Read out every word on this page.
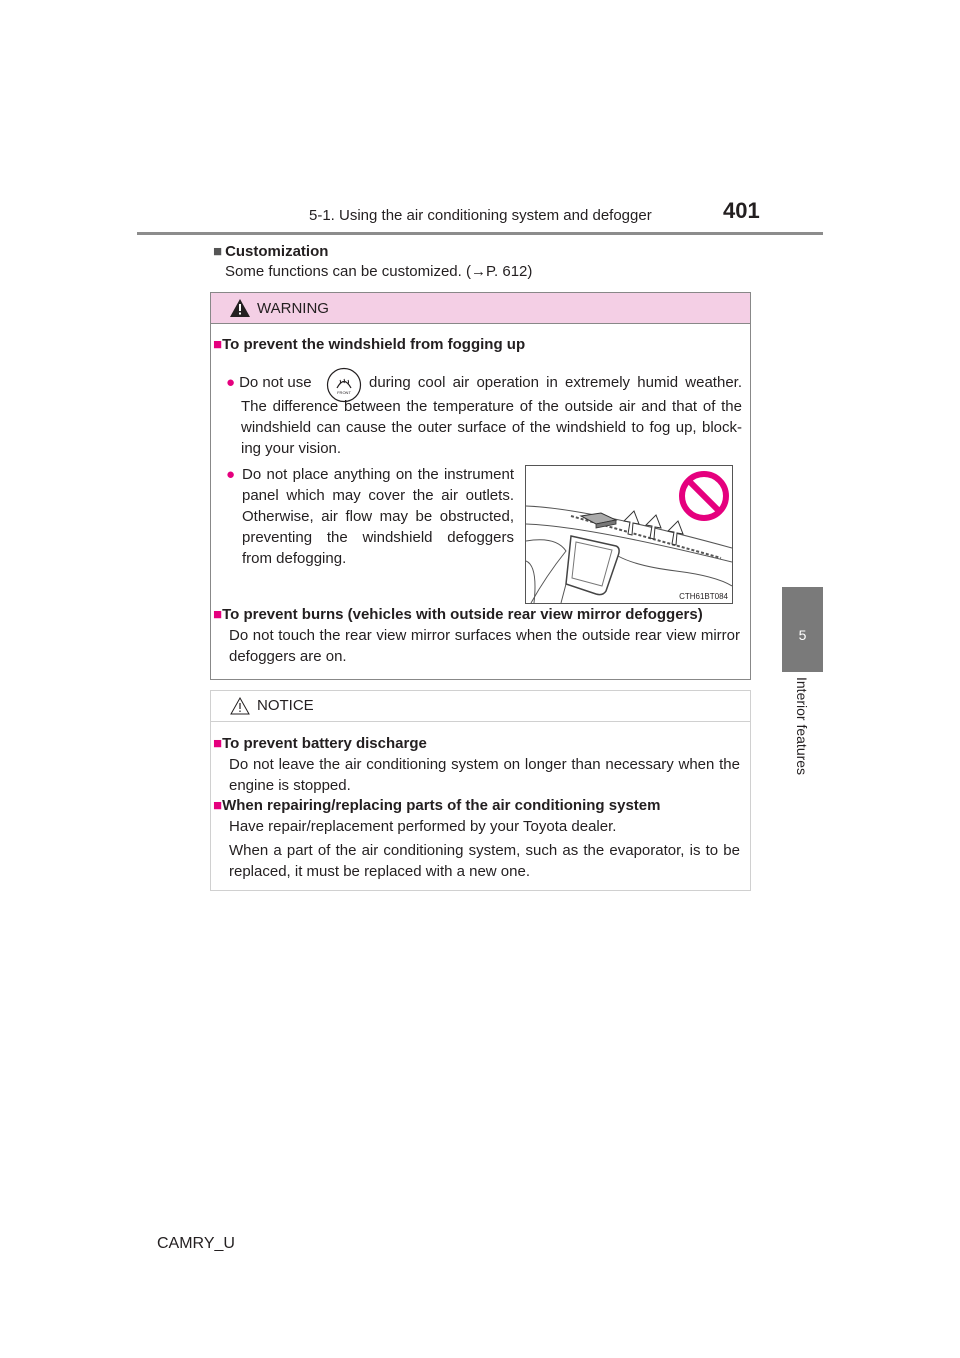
5-1. Using the air conditioning system and defogger	401
5
Interior features
■ Customization
Some functions can be customized. (→P. 612)
WARNING
■To prevent the windshield from fogging up
● Do not use
FRONT
during cool air operation in extremely humid weather.
The difference between the temperature of the outside air and that of the
windshield can cause the outer surface of the windshield to fog up, block-
ing your vision.
● Do not place anything on the instrument
panel which may cover the air outlets.
Otherwise, air flow may be obstructed,
preventing the windshield defoggers
from defogging.
CTH61BT084
■To prevent burns (vehicles with outside rear view mirror defoggers)
Do not touch the rear view mirror surfaces when the outside rear view mirror
defoggers are on.
NOTICE
■To prevent battery discharge
Do not leave the air conditioning system on longer than necessary when the
engine is stopped.
■When repairing/replacing parts of the air conditioning system
Have repair/replacement performed by your Toyota dealer.
When a part of the air conditioning system, such as the evaporator, is to be
replaced, it must be replaced with a new one.
CAMRY_U
